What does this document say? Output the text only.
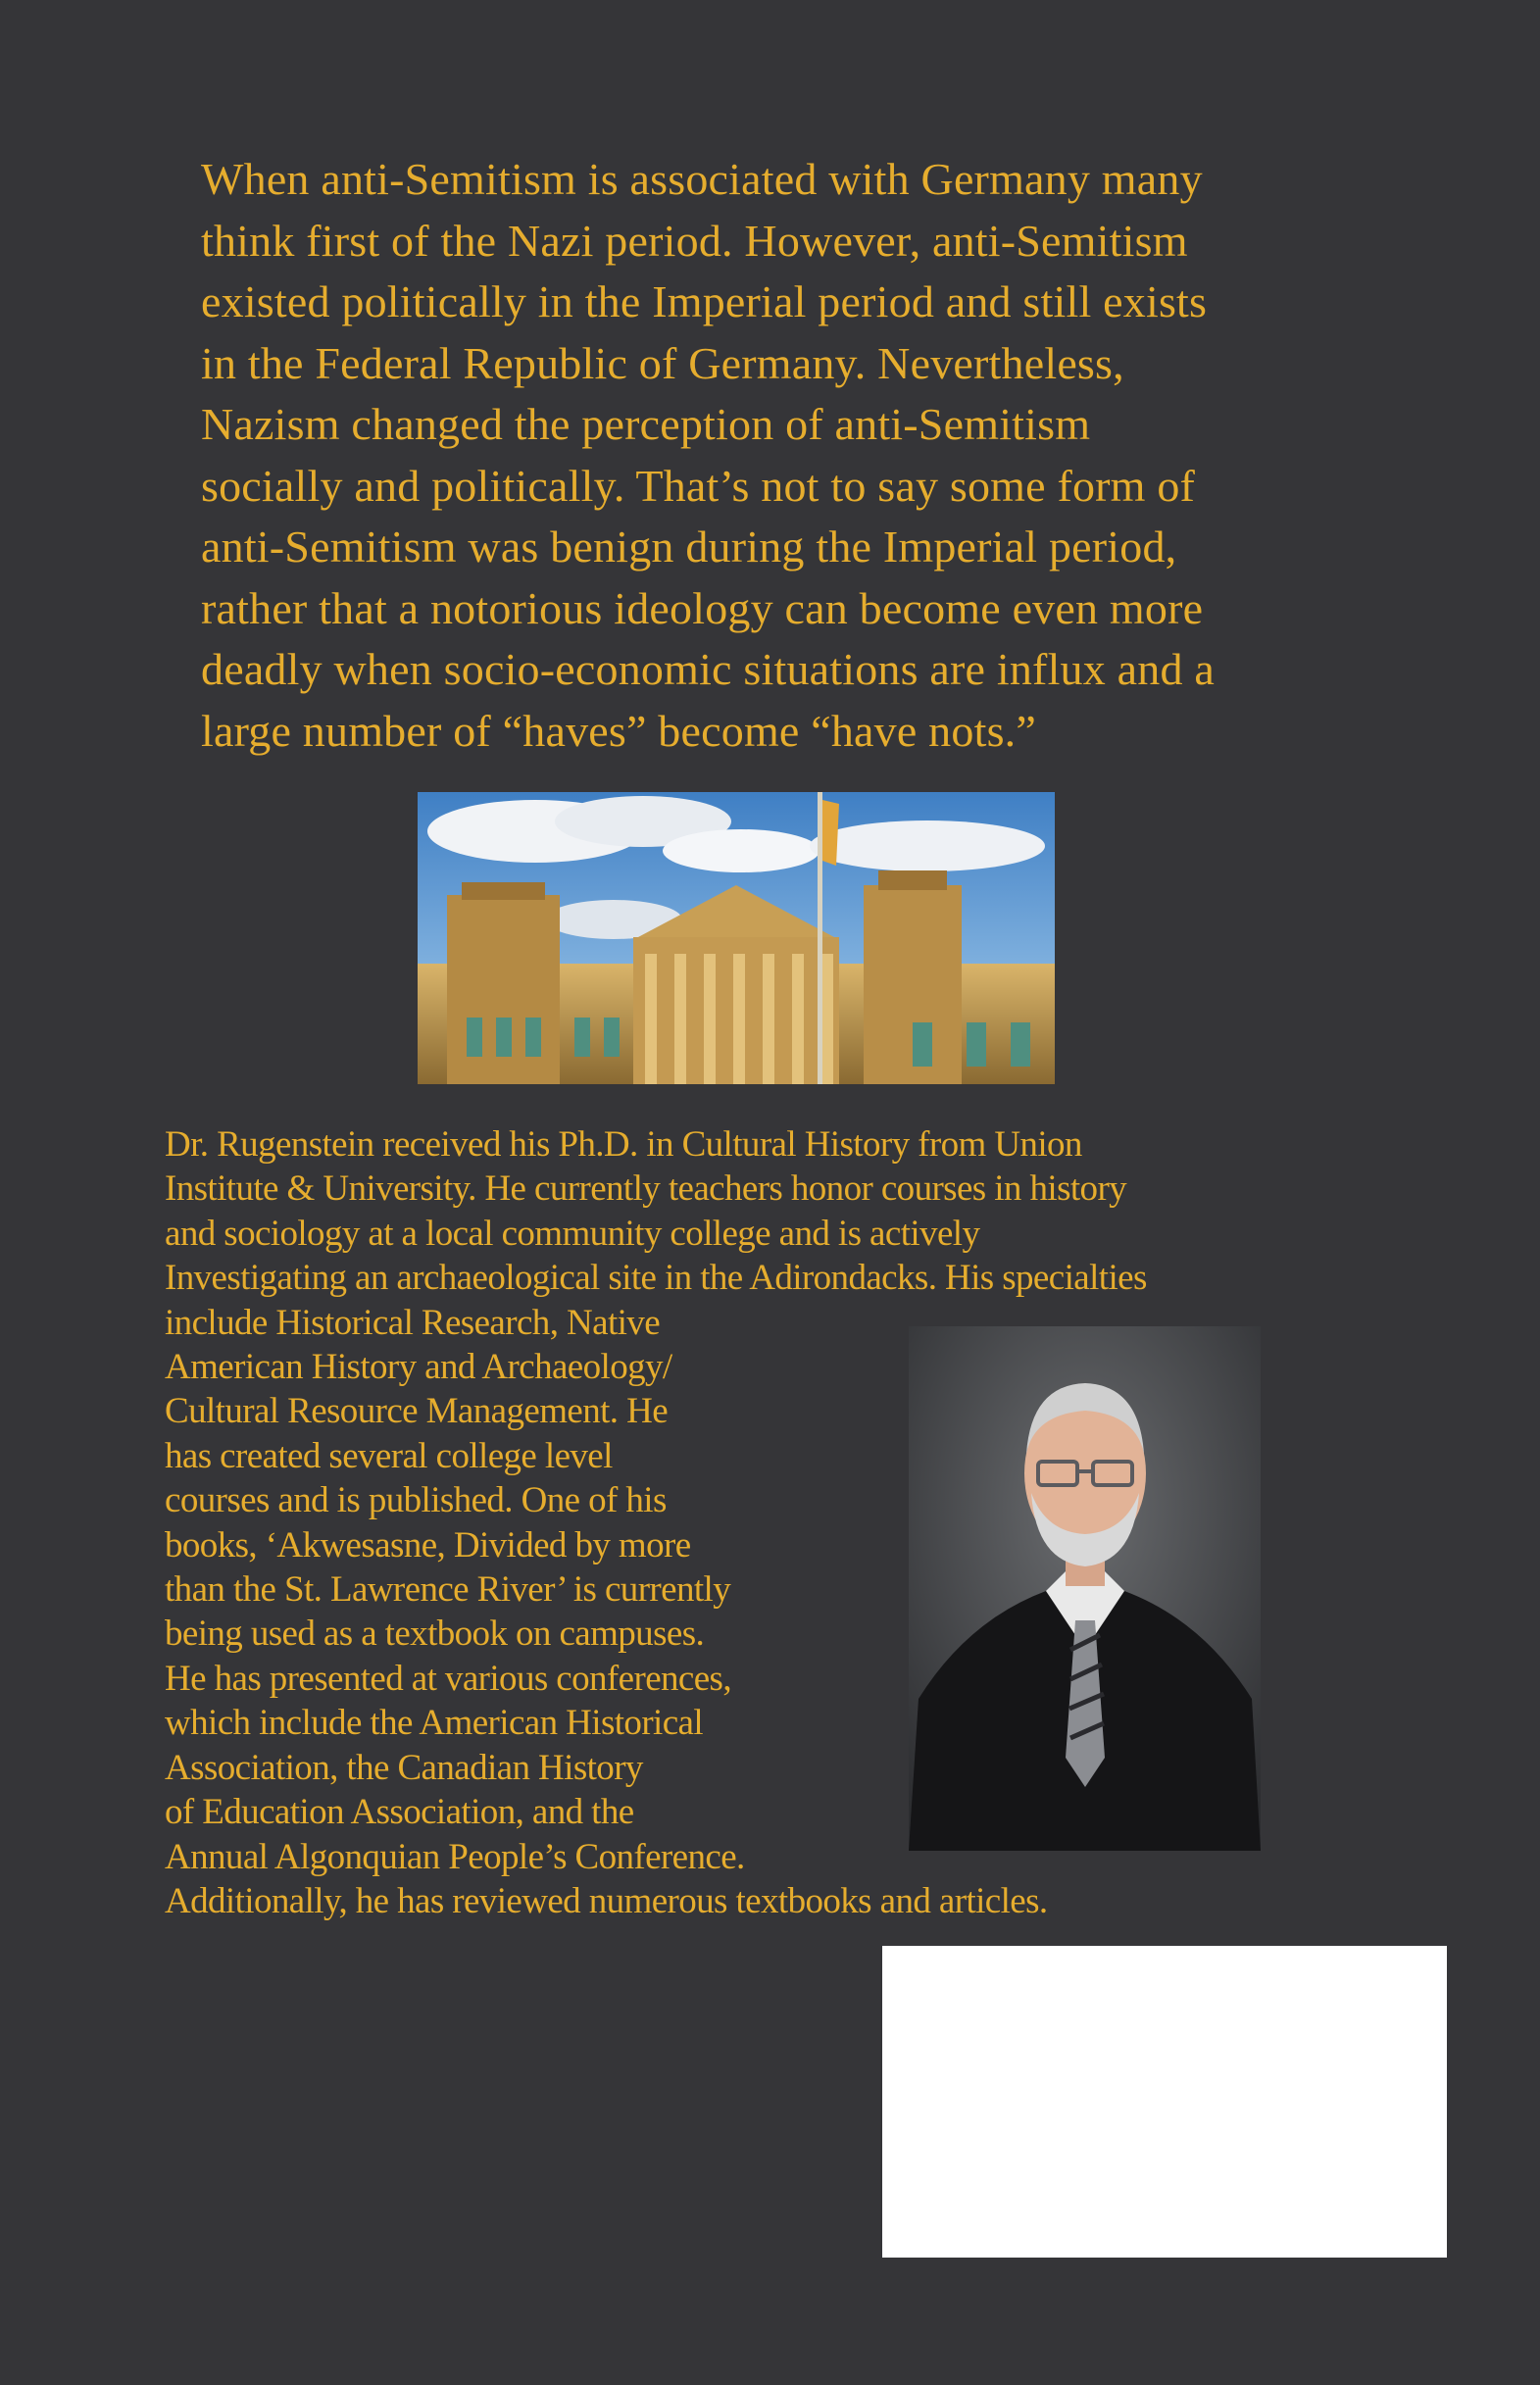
When anti-Semitism is associated with Germany many
think first of the Nazi period. However, anti-Semitism
existed politically in the Imperial period and still exists
in the Federal Republic of Germany. Nevertheless,
Nazism changed the perception of anti-Semitism
socially and politically. That’s not to say some form of
anti-Semitism was benign during the Imperial period,
rather that a notorious ideology can become even more
deadly when socio-economic situations are influx and a
large number of “haves” become “have nots.”
Dr. Rugenstein received his Ph.D. in Cultural History from Union
Institute & University. He currently teachers honor courses in history
and sociology at a local community college and is actively
Investigating an archaeological site in the Adirondacks. His specialties
include Historical Research, Native
American History and Archaeology/
Cultural Resource Management. He
has created several college level
courses and is published. One of his
books, ‘Akwesasne, Divided by more
than the St. Lawrence River’ is currently
being used as a textbook on campuses.
He has presented at various conferences,
which include the American Historical
Association, the Canadian History
of Education Association, and the
Annual Algonquian People’s Conference.
Additionally, he has reviewed numerous textbooks and articles.
